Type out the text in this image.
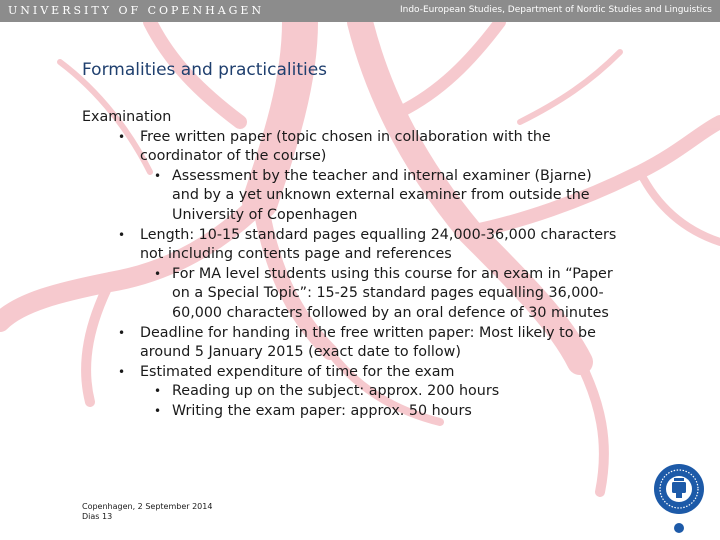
UNIVERSITY OF COPENHAGEN	Indo-European Studies, Department of Nordic Studies and Linguistics
Formalities and practicalities

Examination

• Free written paper (topic chosen in collaboration with the coordinator of the course)
• Assessment by the teacher and internal examiner (Bjarne) and by a yet unknown external examiner from outside the University of Copenhagen
• Length: 10-15 standard pages equalling 24,000-36,000 characters not including contents page and references
• For MA level students using this course for an exam in “Paper on a Special Topic”: 15-25 standard pages equalling 36,000-60,000 characters followed by an oral defence of 30 minutes
• Deadline for handing in the free written paper: Most likely to be around 5 January 2015 (exact date to follow)
• Estimated expenditure of time for the exam
• Reading up on the subject: approx. 200 hours
• Writing the exam paper: approx. 50 hours
Copenhagen, 2 September 2014
Dias 13
